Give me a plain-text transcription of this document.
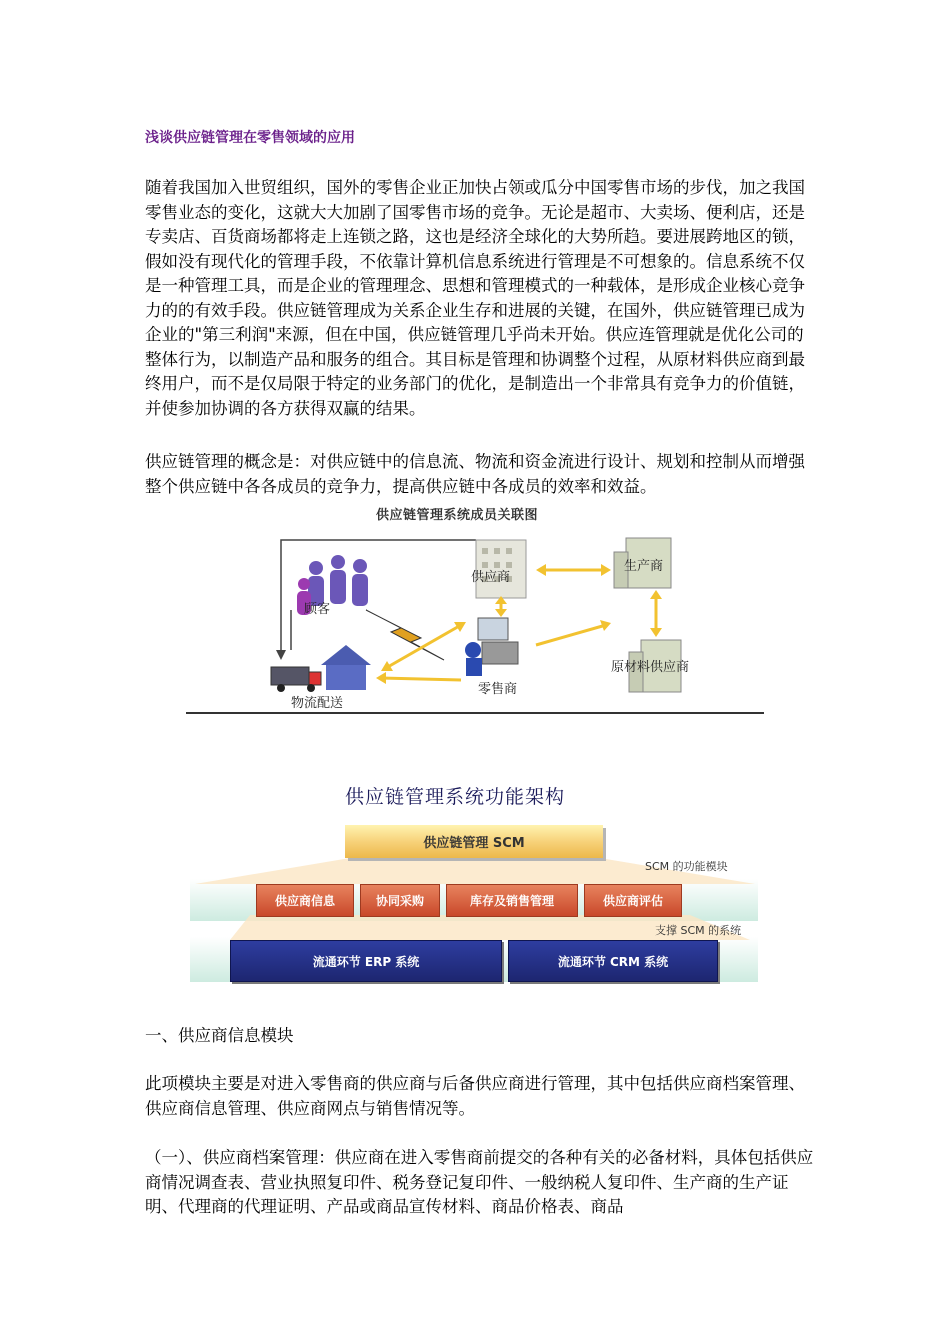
浅谈供应链管理在零售领域的应用

随着我国加入世贸组织，国外的零售企业正加快占领或瓜分中国零售市场的步伐，加之我国零售业态的变化，这就大大加剧了国零售市场的竞争。无论是超市、大卖场、便利店，还是专卖店、百货商场都将走上连锁之路，这也是经济全球化的大势所趋。要进展跨地区的锁，假如没有现代化的管理手段，不依靠计算机信息系统进行管理是不可想象的。信息系统不仅是一种管理工具，而是企业的管理理念、思想和管理模式的一种载体，是形成企业核心竞争力的的有效手段。供应链管理成为关系企业生存和进展的关键，在国外，供应链管理已成为企业的"第三利润"来源，但在中国，供应链管理几乎尚未开始。供应连管理就是优化公司的整体行为，以制造产品和服务的组合。其目标是管理和协调整个过程，从原材料供应商到最终用户，而不是仅局限于特定的业务部门的优化，是制造出一个非常具有竞争力的价值链，并使参加协调的各方获得双赢的结果。

供应链管理的概念是：对供应链中的信息流、物流和资金流进行设计、规划和控制从而增强整个供应链中各各成员的竞争力，提高供应链中各成员的效率和效益。

供应链管理系统成员关联图
供应商
生产商
顾客
零售商
原材料供应商
物流配送
供应链管理系统功能架构
供应链管理 SCM
SCM 的功能模块
供应商信息	协同采购	库存及销售管理	供应商评估
支撑 SCM 的系统
流通环节 ERP 系统	流通环节 CRM 系统
一、供应商信息模块

此项模块主要是对进入零售商的供应商与后备供应商进行管理，其中包括供应商档案管理、供应商信息管理、供应商网点与销售情况等。

（一）、供应商档案管理：供应商在进入零售商前提交的各种有关的必备材料，具体包括供应商情况调查表、营业执照复印件、税务登记复印件、一般纳税人复印件、生产商的生产证明、代理商的代理证明、产品或商品宣传材料、商品价格表、商品
